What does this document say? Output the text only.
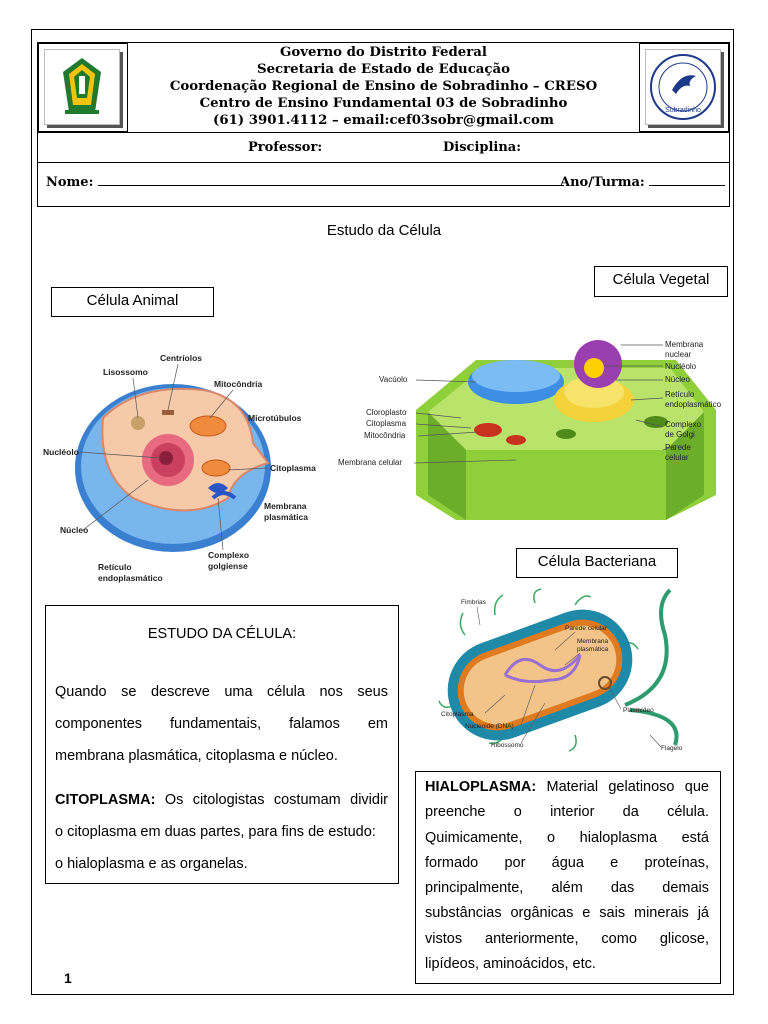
Governo do Distrito Federal
Secretaria de Estado de Educação
Coordenação Regional de Ensino de Sobradinho – CRESO
Centro de Ensino Fundamental 03 de Sobradinho
(61) 3901.4112 – email:cef03sobr@gmail.com
Sobradinho
Professor:	Disciplina:
Nome:	Ano/Turma:
Estudo da Célula
Célula Animal
Célula Vegetal
Célula Bacteriana
Centríolos
Lisossomo
Mitocôndria
Microtúbulos
Nucléolo
Citoplasma
Membrana
plasmática
Núcleo
Complexo
golgiense
Retículo
endoplasmático
Membrana
nuclear
Nucléolo
Vacúolo	Núcleo
Retículo
endoplasmático
Cloroplasto
Citoplasma
Mitocôndria
Complexo
de Golgi
Parede
celular
Membrana celular
Fimbrias
Parede celular
Membrana
plasmática
Plasmídeo
Citoplasma
Nucleoide (DNA)
Ribossomo	Flagelo
ESTUDO DA CÉLULA:
Quando se descreve uma célula nos seus
componentes fundamentais, falamos em
membrana plasmática, citoplasma e núcleo.
CITOPLASMA: Os citologistas costumam dividir
o citoplasma em duas partes, para fins de estudo:
o hialoplasma e as organelas.
HIALOPLASMA: Material gelatinoso que
preenche o interior da célula.
Quimicamente, o hialoplasma está
formado por água e proteínas,
principalmente, além das demais
substâncias orgânicas e sais minerais já
vistos anteriormente, como glicose,
lipídeos, aminoácidos, etc.
1
